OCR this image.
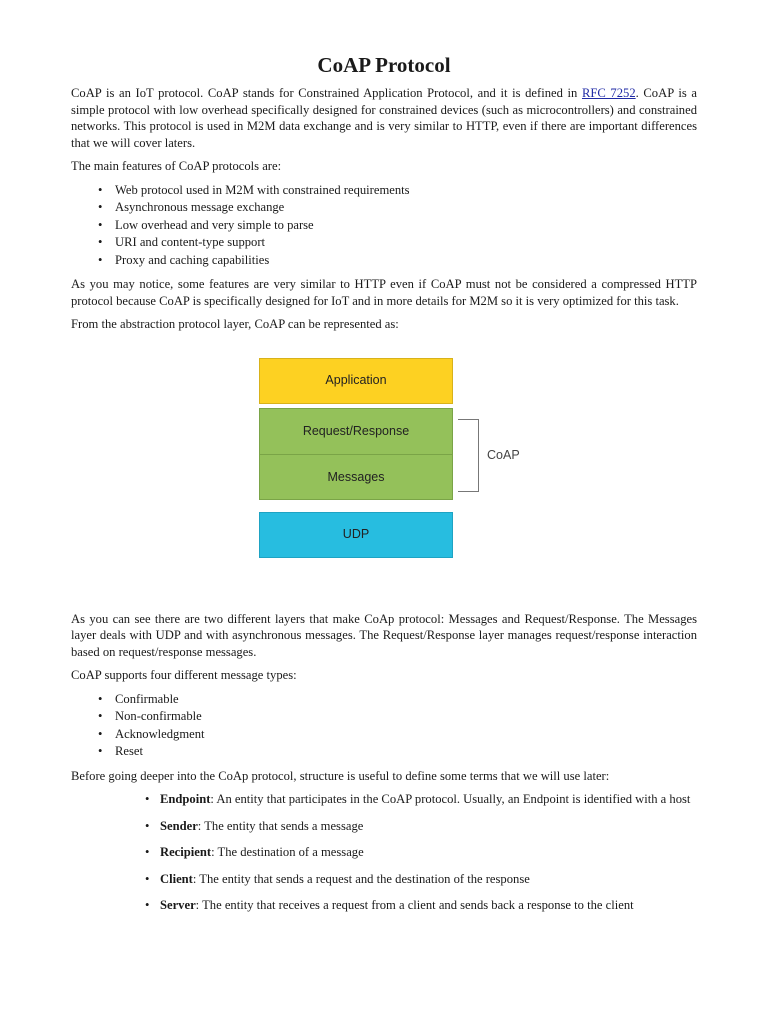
CoAP Protocol

CoAP is an IoT protocol. CoAP stands for Constrained Application Protocol, and it is defined in RFC 7252. CoAP is a simple protocol with low overhead specifically designed for constrained devices (such as microcontrollers) and constrained networks. This protocol is used in M2M data exchange and is very similar to HTTP, even if there are important differences that we will cover laters.

The main features of CoAP protocols are:

• Web protocol used in M2M with constrained requirements
• Asynchronous message exchange
• Low overhead and very simple to parse
• URI and content-type support
• Proxy and caching capabilities

As you may notice, some features are very similar to HTTP even if CoAP must not be considered a compressed HTTP protocol because CoAP is specifically designed for IoT and in more details for M2M so it is very optimized for this task.

From the abstraction protocol layer, CoAP can be represented as:

Application
Request/Response
Messages
CoAP
UDP

As you can see there are two different layers that make CoAp protocol: Messages and Request/Response. The Messages layer deals with UDP and with asynchronous messages. The Request/Response layer manages request/response interaction based on request/response messages.

CoAP supports four different message types:

• Confirmable
• Non-confirmable
• Acknowledgment
• Reset

Before going deeper into the CoAp protocol, structure is useful to define some terms that we will use later:

• Endpoint: An entity that participates in the CoAP protocol. Usually, an Endpoint is identified with a host
• Sender: The entity that sends a message
• Recipient: The destination of a message
• Client: The entity that sends a request and the destination of the response
• Server: The entity that receives a request from a client and sends back a response to the client
